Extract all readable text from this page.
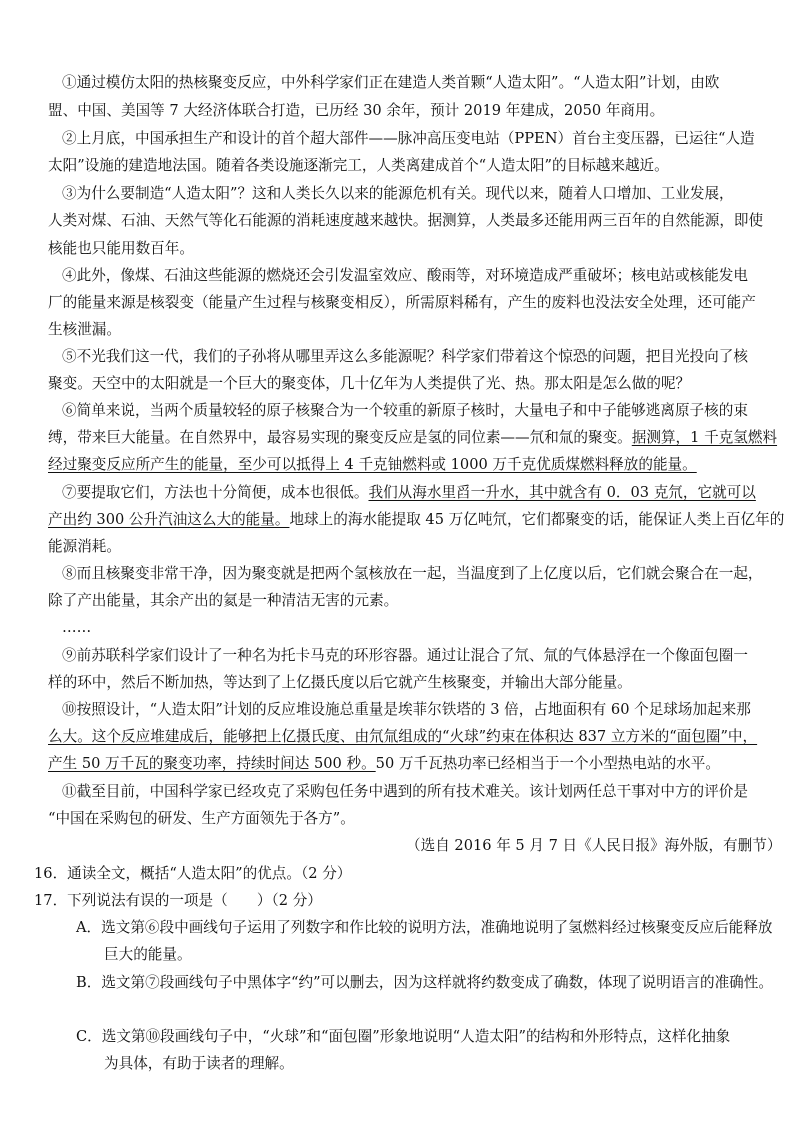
①通过模仿太阳的热核聚变反应，中外科学家们正在建造人类首颗“人造太阳”。“人造太阳”计划，由欧
盟、中国、美国等 7 大经济体联合打造，已历经 30 余年，预计 2019 年建成，2050 年商用。
②上月底，中国承担生产和设计的首个超大部件——脉冲高压变电站（PPEN）首台主变压器，已运往“人造
太阳”设施的建造地法国。随着各类设施逐渐完工，人类离建成首个“人造太阳”的目标越来越近。
③为什么要制造“人造太阳”？这和人类长久以来的能源危机有关。现代以来，随着人口增加、工业发展，
人类对煤、石油、天然气等化石能源的消耗速度越来越快。据测算，人类最多还能用两三百年的自然能源，即使
核能也只能用数百年。
④此外，像煤、石油这些能源的燃烧还会引发温室效应、酸雨等，对环境造成严重破坏；核电站或核能发电
厂的能量来源是核裂变（能量产生过程与核聚变相反），所需原料稀有，产生的废料也没法安全处理，还可能产
生核泄漏。
⑤不光我们这一代，我们的子孙将从哪里弄这么多能源呢？科学家们带着这个惊恐的问题，把目光投向了核
聚变。天空中的太阳就是一个巨大的聚变体，几十亿年为人类提供了光、热。那太阳是怎么做的呢？
⑥简单来说，当两个质量较轻的原子核聚合为一个较重的新原子核时，大量电子和中子能够逃离原子核的束
缚，带来巨大能量。在自然界中，最容易实现的聚变反应是氢的同位素——氘和氚的聚变。据测算，1 千克氢燃料
经过聚变反应所产生的能量，至少可以抵得上 4 千克铀燃料或 1000 万千克优质煤燃料释放的能量。
⑦要提取它们，方法也十分简便，成本也很低。我们从海水里舀一升水，其中就含有 0．03 克氘，它就可以
产出约 300 公升汽油这么大的能量。地球上的海水能提取 45 万亿吨氘，它们都聚变的话，能保证人类上百亿年的
能源消耗。
⑧而且核聚变非常干净，因为聚变就是把两个氢核放在一起，当温度到了上亿度以后，它们就会聚合在一起，
除了产出能量，其余产出的氦是一种清洁无害的元素。
……
⑨前苏联科学家们设计了一种名为托卡马克的环形容器。通过让混合了氘、氚的气体悬浮在一个像面包圈一
样的环中，然后不断加热，等达到了上亿摄氏度以后它就产生核聚变，并输出大部分能量。
⑩按照设计，“人造太阳”计划的反应堆设施总重量是埃菲尔铁塔的 3 倍，占地面积有 60 个足球场加起来那
么大。这个反应堆建成后，能够把上亿摄氏度、由氘氚组成的“火球”约束在体积达 837 立方米的“面包圈”中，
产生 50 万千瓦的聚变功率，持续时间达 500 秒。50 万千瓦热功率已经相当于一个小型热电站的水平。
⑪截至目前，中国科学家已经攻克了采购包任务中遇到的所有技术难关。该计划两任总干事对中方的评价是
“中国在采购包的研发、生产方面领先于各方”。
（选自 2016 年 5 月 7 日《人民日报》海外版，有删节）
16．通读全文，概括“人造太阳”的优点。（2 分）
17．下列说法有误的一项是（　　）（2 分）
A．选文第⑥段中画线句子运用了列数字和作比较的说明方法，准确地说明了氢燃料经过核聚变反应后能释放
巨大的能量。
B．选文第⑦段画线句子中黑体字“约”可以删去，因为这样就将约数变成了确数，体现了说明语言的准确性。
C．选文第⑩段画线句子中，“火球”和“面包圈”形象地说明“人造太阳”的结构和外形特点，这样化抽象
为具体，有助于读者的理解。
